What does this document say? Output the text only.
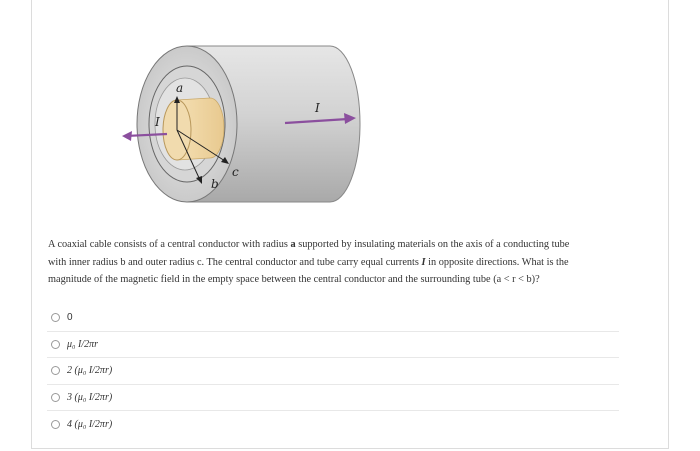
a
c
b
I
I
A coaxial cable consists of a central conductor with radius a supported by insulating materials on the axis of a conducting tube
with inner radius b and outer radius c. The central conductor and tube carry equal currents I in opposite directions. What is the
magnitude of the magnetic field in the empty space between the central conductor and the surrounding tube (a < r < b)?
0
μ₀ I/2πr
2 (μ₀ I/2πr)
3 (μ₀ I/2πr)
4 (μ₀ I/2πr)
